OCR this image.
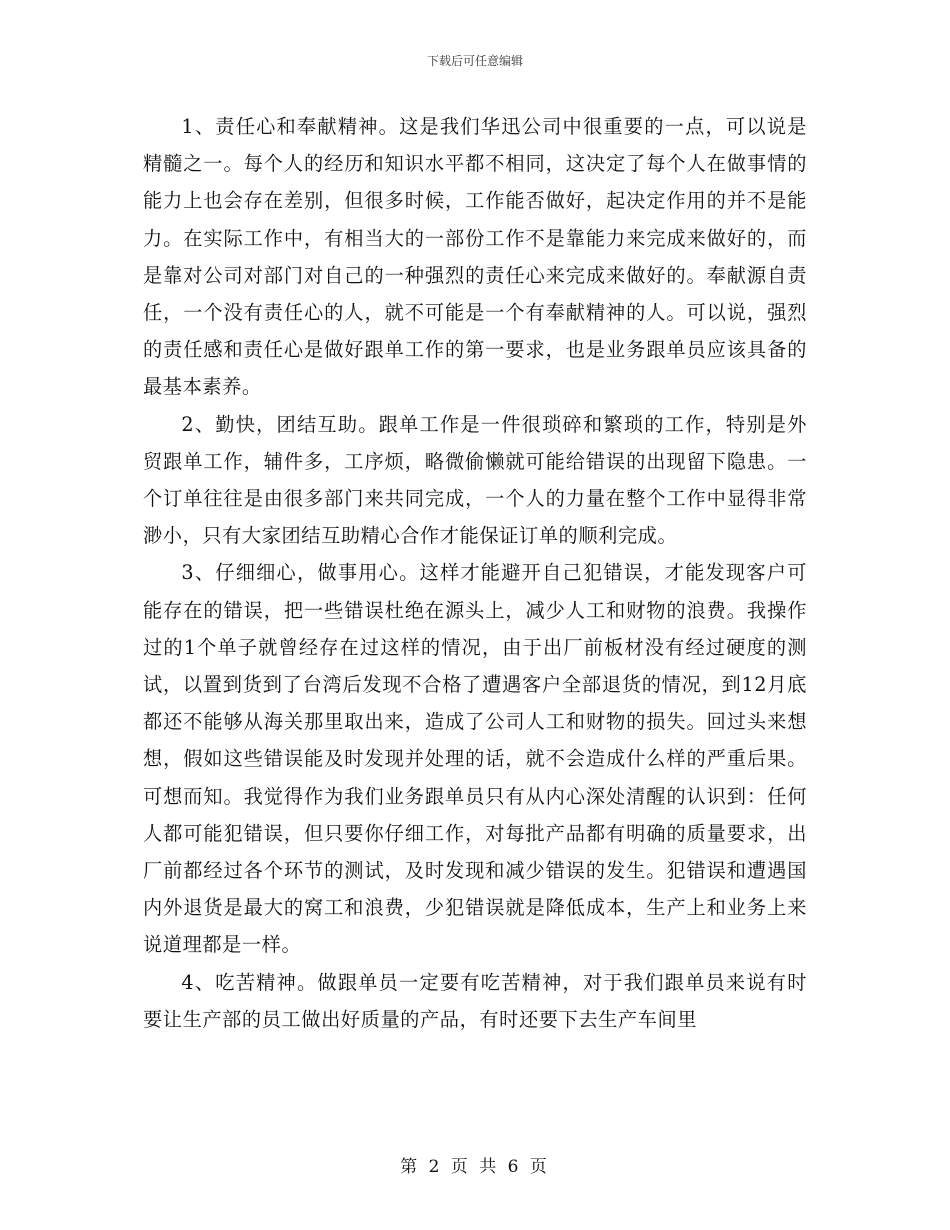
下载后可任意编辑

1、责任心和奉献精神。这是我们华迅公司中很重要的一点，可以说是精髓之一。每个人的经历和知识水平都不相同，这决定了每个人在做事情的能力上也会存在差别，但很多时候，工作能否做好，起决定作用的并不是能力。在实际工作中，有相当大的一部份工作不是靠能力来完成来做好的，而是靠对公司对部门对自己的一种强烈的责任心来完成来做好的。奉献源自责任，一个没有责任心的人，就不可能是一个有奉献精神的人。可以说，强烈的责任感和责任心是做好跟单工作的第一要求，也是业务跟单员应该具备的最基本素养。

2、勤快，团结互助。跟单工作是一件很琐碎和繁琐的工作，特别是外贸跟单工作，辅件多，工序烦，略微偷懒就可能给错误的出现留下隐患。一个订单往往是由很多部门来共同完成，一个人的力量在整个工作中显得非常渺小，只有大家团结互助精心合作才能保证订单的顺利完成。

3、仔细细心，做事用心。这样才能避开自己犯错误，才能发现客户可能存在的错误，把一些错误杜绝在源头上，减少人工和财物的浪费。我操作过的1个单子就曾经存在过这样的情况，由于出厂前板材没有经过硬度的测试，以置到货到了台湾后发现不合格了遭遇客户全部退货的情况，到12月底都还不能够从海关那里取出来，造成了公司人工和财物的损失。回过头来想想，假如这些错误能及时发现并处理的话，就不会造成什么样的严重后果。可想而知。我觉得作为我们业务跟单员只有从内心深处清醒的认识到：任何人都可能犯错误，但只要你仔细工作，对每批产品都有明确的质量要求，出厂前都经过各个环节的测试，及时发现和减少错误的发生。犯错误和遭遇国内外退货是最大的窝工和浪费，少犯错误就是降低成本，生产上和业务上来说道理都是一样。

4、吃苦精神。做跟单员一定要有吃苦精神，对于我们跟单员来说有时要让生产部的员工做出好质量的产品，有时还要下去生产车间里

第 2 页 共 6 页
